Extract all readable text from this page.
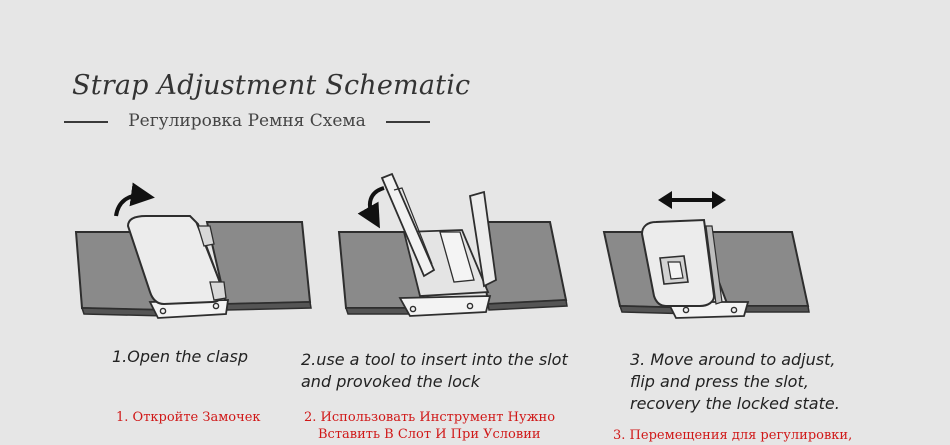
Strap Adjustment Schematic
Регулировка Ремня Схема
1.Open the clasp
1. Откройте Замочек
2.use a tool to insert into the slot
and provoked the lock
2. Использовать Инструмент Нужно
Вставить В Слот И При Условии
3. Move around to adjust,
flip and press the slot,
recovery the locked state.
3. Перемещения для регулировки,
